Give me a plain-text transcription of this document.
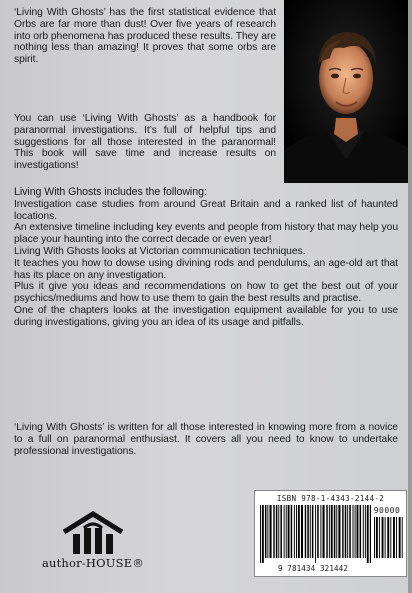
‘Living With Ghosts’ has the first statistical evidence that Orbs are far more than dust! Over five years of research into orb phenomena has produced these results. They are nothing less than amazing! It proves that some orbs are spirit.

You can use ‘Living With Ghosts’ as a handbook for paranormal investigations. It’s full of helpful tips and suggestions for all those interested in the paranormal! This book will save time and increase results on investigations!

Living With Ghosts includes the following:
Investigation case studies from around Great Britain and a ranked list of haunted locations.
An extensive timeline including key events and people from history that may help you place your haunting into the correct decade or even year!
Living With Ghosts looks at Victorian communication techniques.
It teaches you how to dowse using divining rods and pendulums, an age-old art that has its place on any investigation.
Plus it give you ideas and recommendations on how to get the best out of your psychics/mediums and how to use them to gain the best results and practise.
One of the chapters looks at the investigation equipment available for you to use during investigations, giving you an idea of its usage and pitfalls.

‘Living With Ghosts’ is written for all those interested in knowing more from a novice to a full on paranormal enthusiast. It covers all you need to know to undertake professional investigations.

author-HOUSE®
ISBN 978-1-4343-2144-2
90000
9 781434 321442
